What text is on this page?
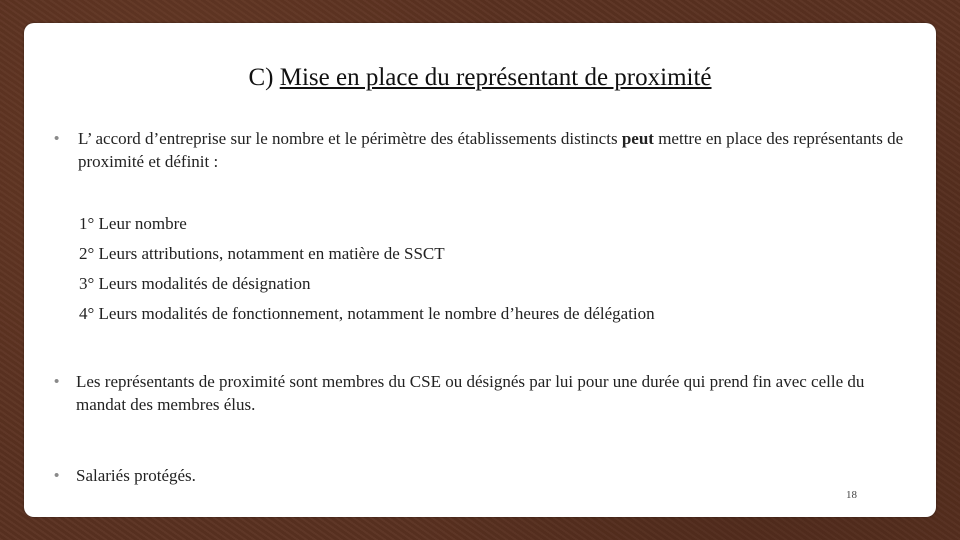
C) Mise en place du représentant de proximité
• L’ accord d’entreprise sur le nombre et le périmètre des établissements distincts peut mettre en place des représentants de proximité et définit :
1° Leur nombre
2° Leurs attributions, notamment en matière de SSCT
3° Leurs modalités de désignation
4° Leurs modalités de fonctionnement, notamment le nombre d’heures de délégation
• Les représentants de proximité sont membres du CSE ou désignés par lui pour une durée qui prend fin avec celle du mandat des membres élus.
• Salariés protégés.
18
